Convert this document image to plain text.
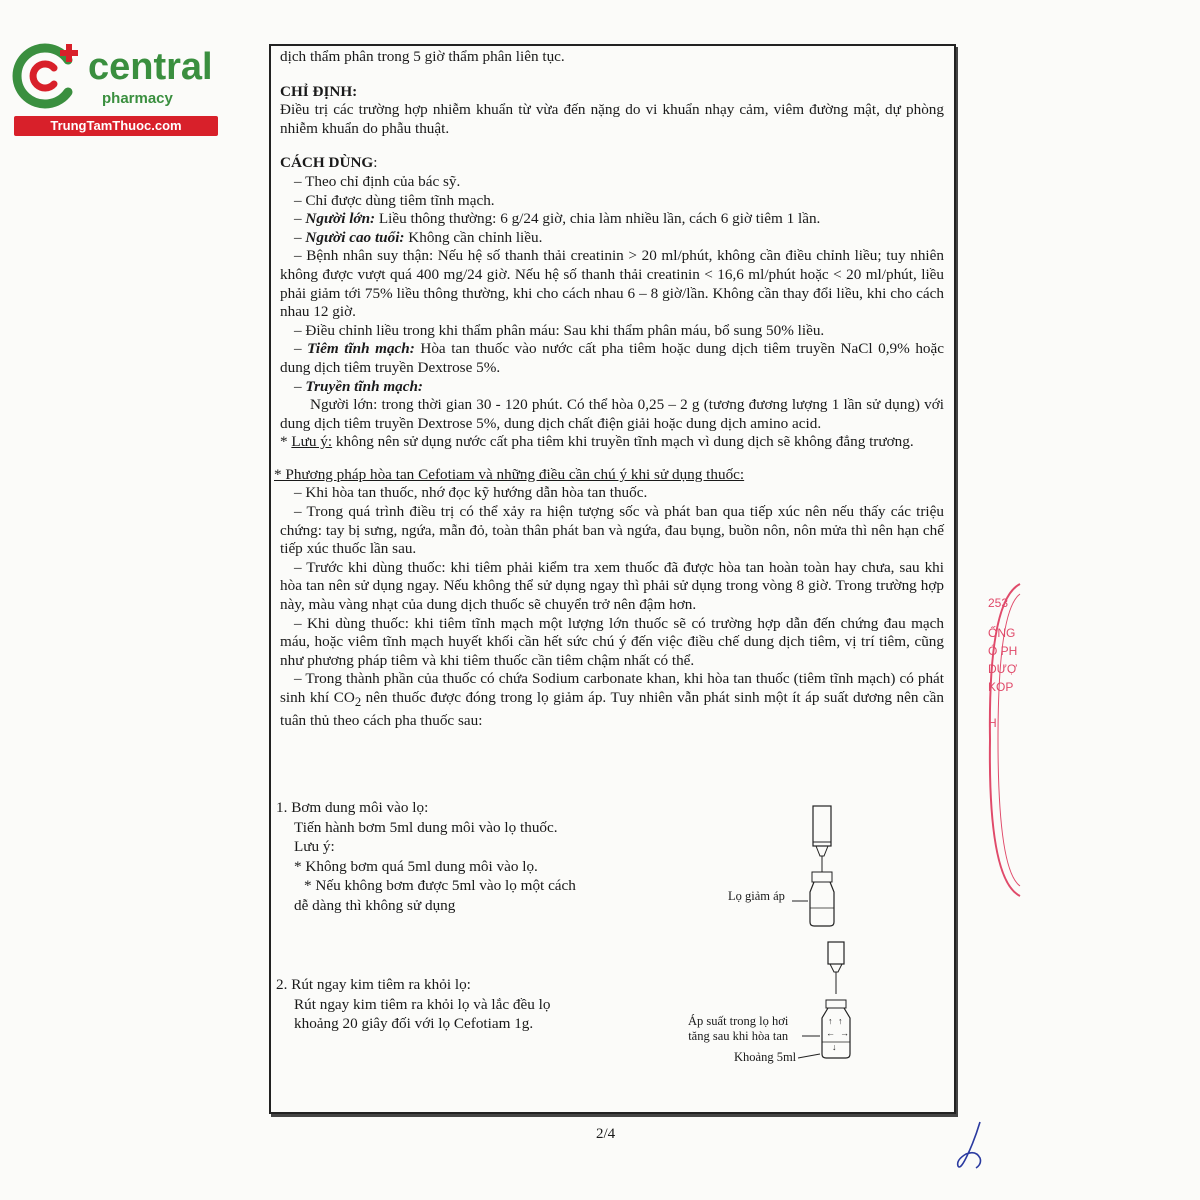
central
pharmacy
TrungTamThuoc.com

dịch thẩm phân trong 5 giờ thẩm phân liên tục.

CHỈ ĐỊNH:

Điều trị các trường hợp nhiễm khuẩn từ vừa đến nặng do vi khuẩn nhạy cảm, viêm đường mật, dự phòng nhiễm khuẩn do phẫu thuật.

CÁCH DÙNG:

– Theo chỉ định của bác sỹ.

– Chỉ được dùng tiêm tĩnh mạch.

– Người lớn: Liều thông thường: 6 g/24 giờ, chia làm nhiều lần, cách 6 giờ tiêm 1 lần.

– Người cao tuổi: Không cần chỉnh liều.

– Bệnh nhân suy thận: Nếu hệ số thanh thải creatinin > 20 ml/phút, không cần điều chỉnh liều; tuy nhiên không được vượt quá 400 mg/24 giờ. Nếu hệ số thanh thải creatinin < 16,6 ml/phút hoặc < 20 ml/phút, liều phải giảm tới 75% liều thông thường, khi cho cách nhau 6 – 8 giờ/lần. Không cần thay đổi liều, khi cho cách nhau 12 giờ.

– Điều chỉnh liều trong khi thẩm phân máu: Sau khi thẩm phân máu, bổ sung 50% liều.

– Tiêm tĩnh mạch: Hòa tan thuốc vào nước cất pha tiêm hoặc dung dịch tiêm truyền NaCl 0,9% hoặc dung dịch tiêm truyền Dextrose 5%.

– Truyền tĩnh mạch:

Người lớn: trong thời gian 30 - 120 phút. Có thể hòa 0,25 – 2 g (tương đương lượng 1 lần sử dụng) với dung dịch tiêm truyền Dextrose 5%, dung dịch chất điện giải hoặc dung dịch amino acid.

* Lưu ý: không nên sử dụng nước cất pha tiêm khi truyền tĩnh mạch vì dung dịch sẽ không đẳng trương.

* Phương pháp hòa tan Cefotiam và những điều cần chú ý khi sử dụng thuốc:

– Khi hòa tan thuốc, nhớ đọc kỹ hướng dẫn hòa tan thuốc.

– Trong quá trình điều trị có thể xảy ra hiện tượng sốc và phát ban qua tiếp xúc nên nếu thấy các triệu chứng: tay bị sưng, ngứa, mẫn đỏ, toàn thân phát ban và ngứa, đau bụng, buồn nôn, nôn mửa thì nên hạn chế tiếp xúc thuốc lần sau.

– Trước khi dùng thuốc: khi tiêm phải kiểm tra xem thuốc đã được hòa tan hoàn toàn hay chưa, sau khi hòa tan nên sử dụng ngay. Nếu không thể sử dụng ngay thì phải sử dụng trong vòng 8 giờ. Trong trường hợp này, màu vàng nhạt của dung dịch thuốc sẽ chuyển trở nên đậm hơn.

– Khi dùng thuốc: khi tiêm tĩnh mạch một lượng lớn thuốc sẽ có trường hợp dẫn đến chứng đau mạch máu, hoặc viêm tĩnh mạch huyết khối cần hết sức chú ý đến việc điều chế dung dịch tiêm, vị trí tiêm, cũng như phương pháp tiêm và khi tiêm thuốc cần tiêm chậm nhất có thể.

– Trong thành phần của thuốc có chứa Sodium carbonate khan, khi hòa tan thuốc (tiêm tĩnh mạch) có phát sinh khí $CO_2$ nên thuốc được đóng trong lọ giảm áp. Tuy nhiên vẫn phát sinh một ít áp suất dương nên cần tuân thủ theo cách pha thuốc sau:

1. Bơm dung môi vào lọ:

Tiến hành bơm 5ml dung môi vào lọ thuốc.

Lưu ý:

* Không bơm quá 5ml dung môi vào lọ.

* Nếu không bơm được 5ml vào lọ một cách

dễ dàng thì không sử dụng

2. Rút ngay kim tiêm ra khỏi lọ:

Rút ngay kim tiêm ra khỏi lọ và lắc đều lọ

khoảng 20 giây đối với lọ Cefotiam 1g.

Lọ giảm áp
↑ ↑
← →
↓
Áp suất trong lọ hơi
tăng sau khi hòa tan
Khoảng 5ml
2/4
253
ỐNG
Ó PH
DƯỢ
KOP
H
